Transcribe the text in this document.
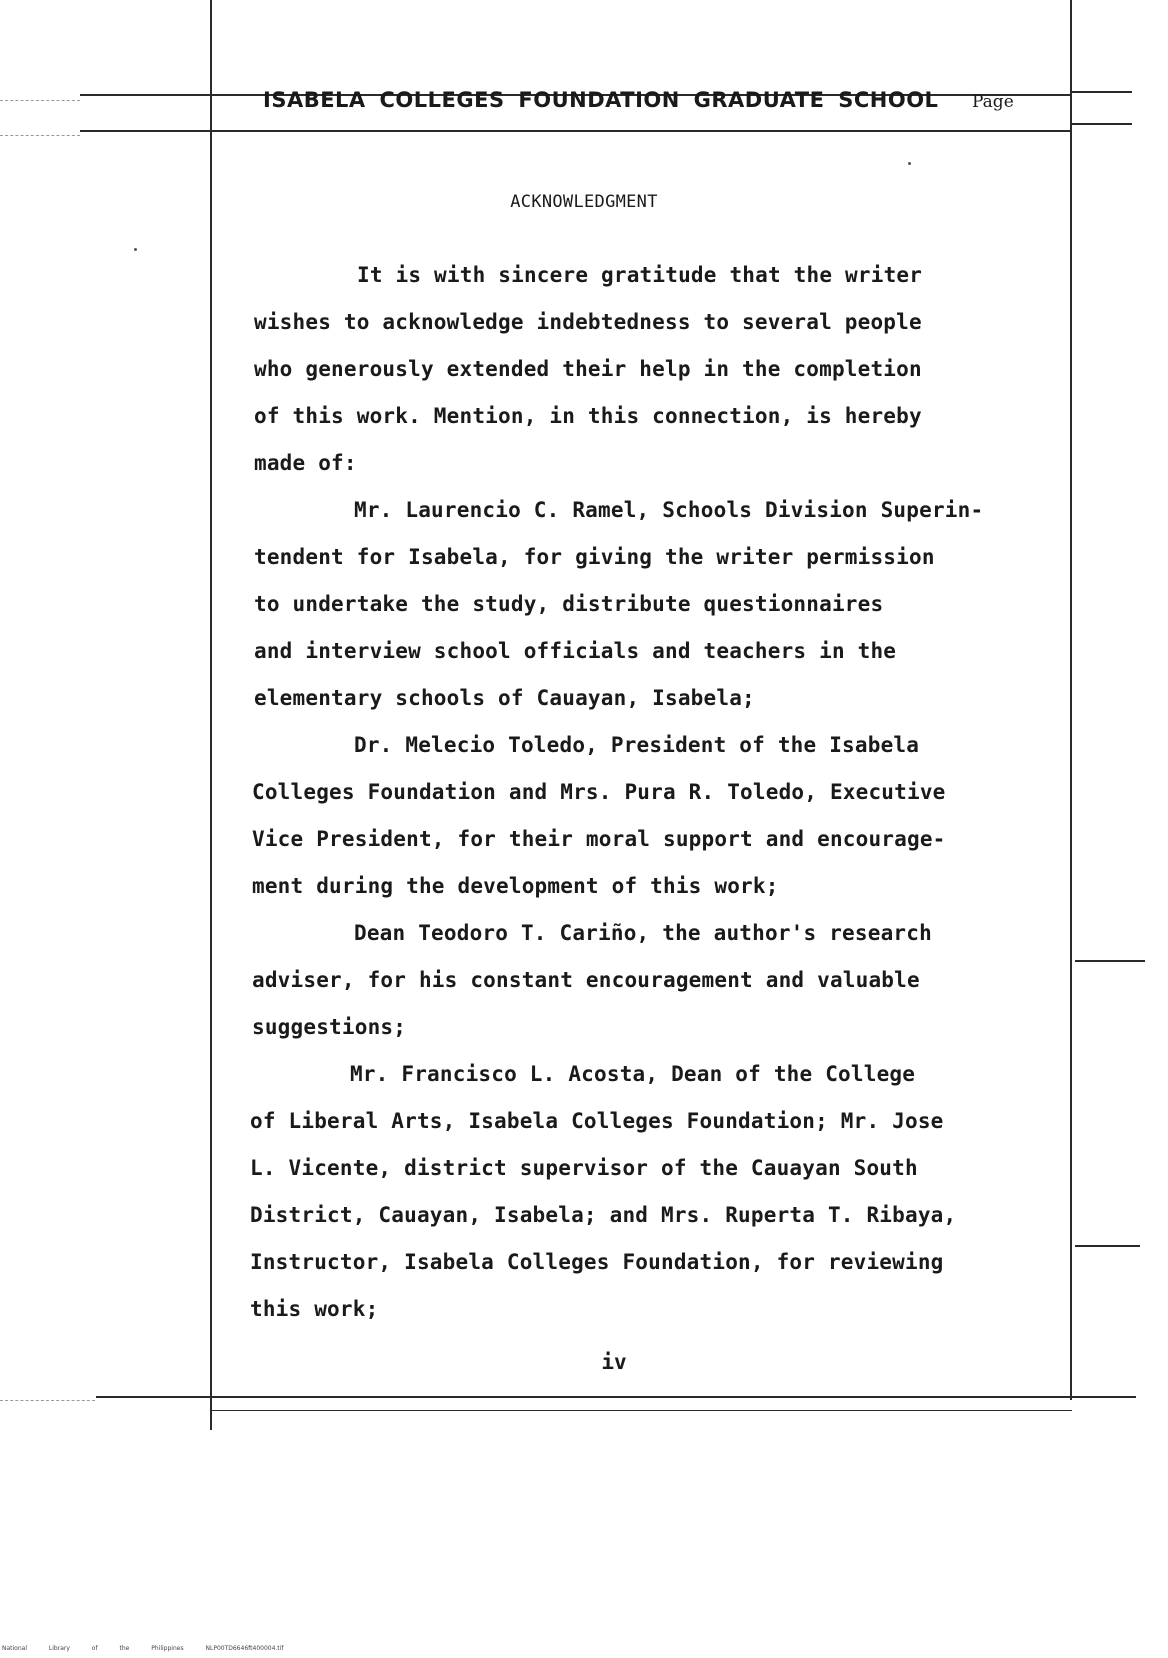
ISABELA COLLEGES FOUNDATION GRADUATE SCHOOL Page
ACKNOWLEDGMENT
It is with sincere gratitude that the writer
wishes to acknowledge indebtedness to several people
who generously extended their help in the completion
of this work. Mention, in this connection, is hereby
made of:
Mr. Laurencio C. Ramel, Schools Division Superin-
tendent for Isabela, for giving the writer permission
to undertake the study, distribute questionnaires
and interview school officials and teachers in the
elementary schools of Cauayan, Isabela;
Dr. Melecio Toledo, President of the Isabela
Colleges Foundation and Mrs. Pura R. Toledo, Executive
Vice President, for their moral support and encourage-
ment during the development of this work;
Dean Teodoro T. Cariño, the author's research
adviser, for his constant encouragement and valuable
suggestions;
Mr. Francisco L. Acosta, Dean of the College
of Liberal Arts, Isabela Colleges Foundation; Mr. Jose
L. Vicente, district supervisor of the Cauayan South
District, Cauayan, Isabela; and Mrs. Ruperta T. Ribaya,
Instructor, Isabela Colleges Foundation, for reviewing
this work;
iv
National Library of the Philippines	NLP00TD6646ft400004.tif
